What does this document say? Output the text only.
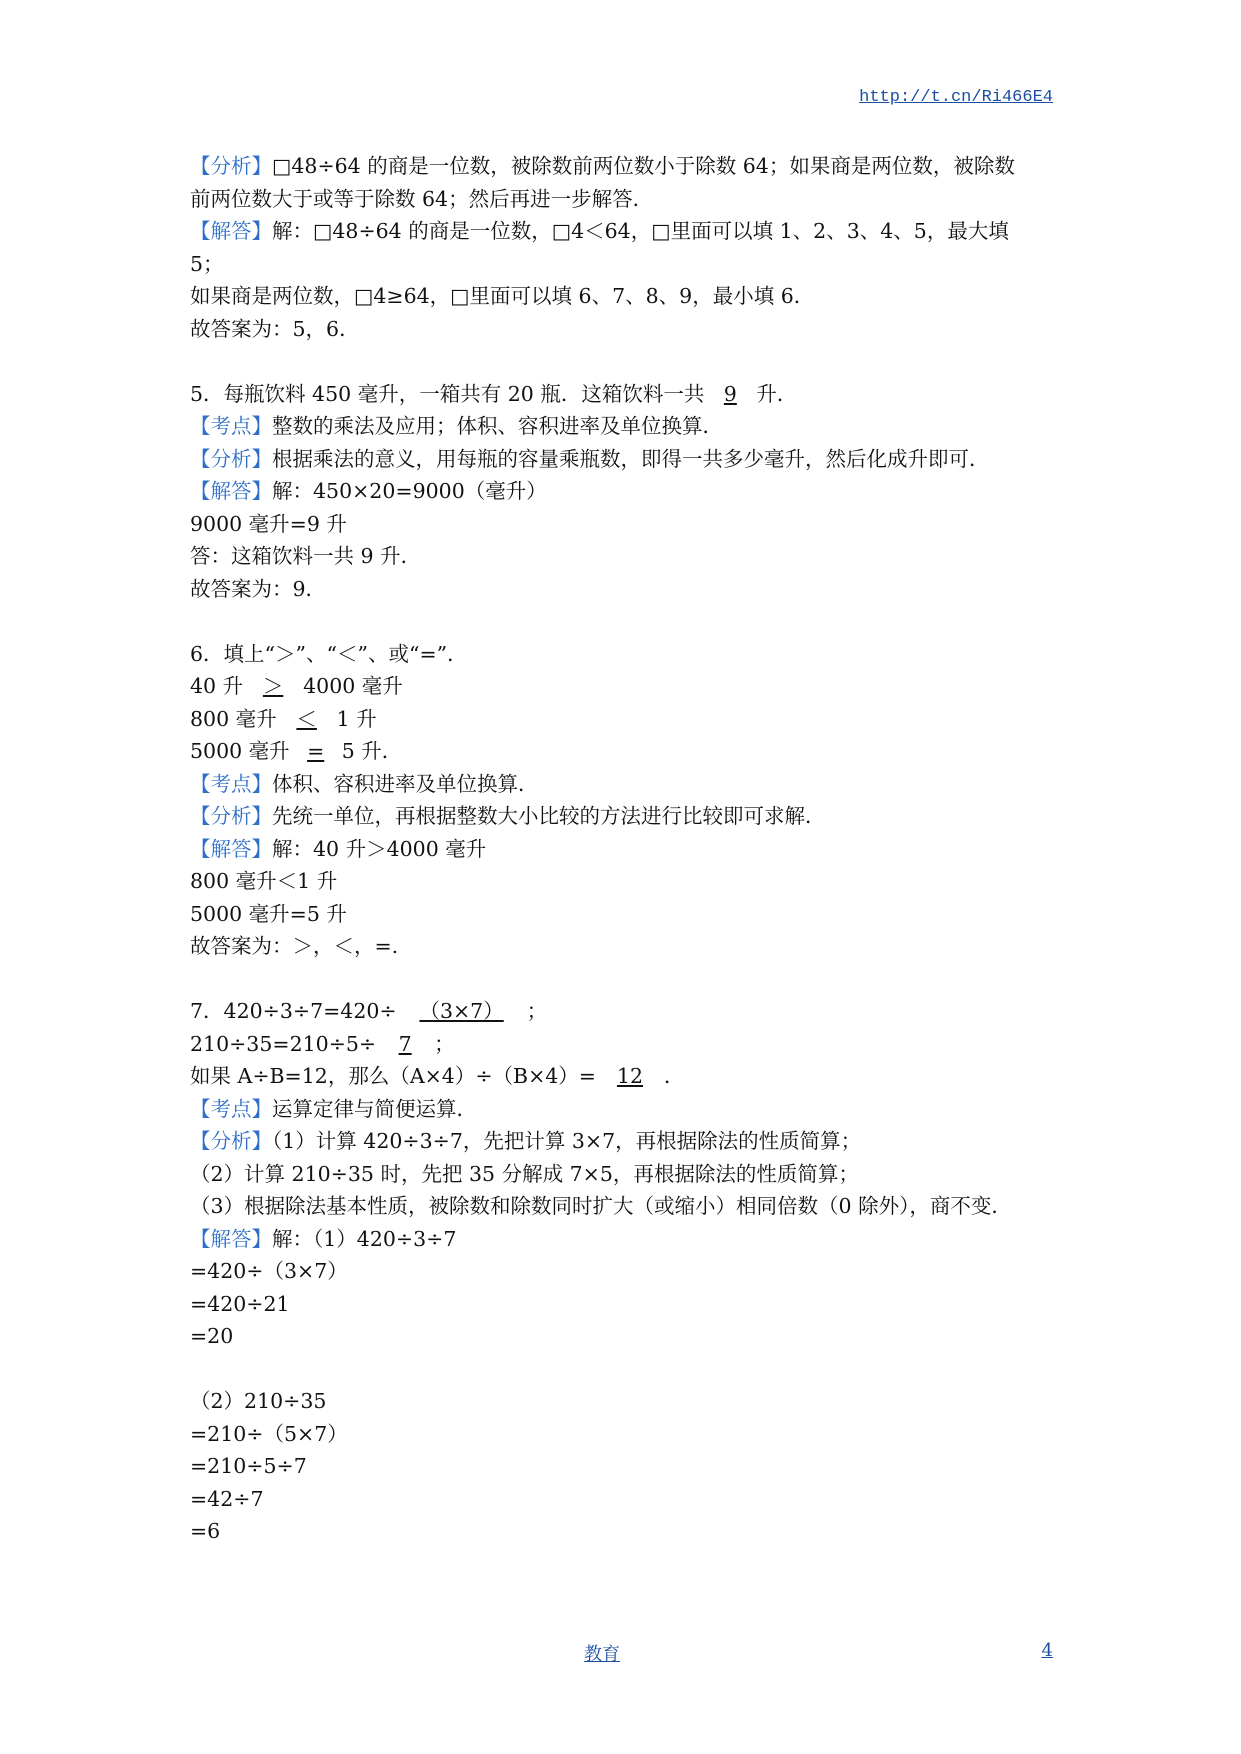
http://t.cn/Ri466E4
【分析】□48÷64 的商是一位数，被除数前两位数小于除数 64；如果商是两位数，被除数
前两位数大于或等于除数 64；然后再进一步解答．
【解答】解：□48÷64 的商是一位数，□4＜64，□里面可以填 1、2、3、4、5，最大填
5；
如果商是两位数，□4≥64，□里面可以填 6、7、8、9，最小填 6．
故答案为：5，6．
5．每瓶饮料 450 毫升，一箱共有 20 瓶．这箱饮料一共 9 升．
【考点】整数的乘法及应用；体积、容积进率及单位换算．
【分析】根据乘法的意义，用每瓶的容量乘瓶数，即得一共多少毫升，然后化成升即可．
【解答】解：450×20=9000（毫升）
9000 毫升=9 升
答：这箱饮料一共 9 升．
故答案为：9．
6．填上“＞”、“＜”、或“=”．
40 升 ＞ 4000 毫升
800 毫升 ＜ 1 升
5000 毫升 = 5 升．
【考点】体积、容积进率及单位换算．
【分析】先统一单位，再根据整数大小比较的方法进行比较即可求解．
【解答】解：40 升＞4000 毫升
800 毫升＜1 升
5000 毫升=5 升
故答案为：＞，＜，=.
7．420÷3÷7=420÷ （3×7） ；
210÷35=210÷5÷ 7 ；
如果 A÷B=12，那么（A×4）÷（B×4）= 12 ．
【考点】运算定律与简便运算．
【分析】（1）计算 420÷3÷7，先把计算 3×7，再根据除法的性质简算；
（2）计算 210÷35 时，先把 35 分解成 7×5，再根据除法的性质简算；
（3）根据除法基本性质，被除数和除数同时扩大（或缩小）相同倍数（0 除外），商不变．
【解答】解：（1）420÷3÷7
=420÷（3×7）
=420÷21
=20
（2）210÷35
=210÷（5×7）
=210÷5÷7
=42÷7
=6
教育	4
